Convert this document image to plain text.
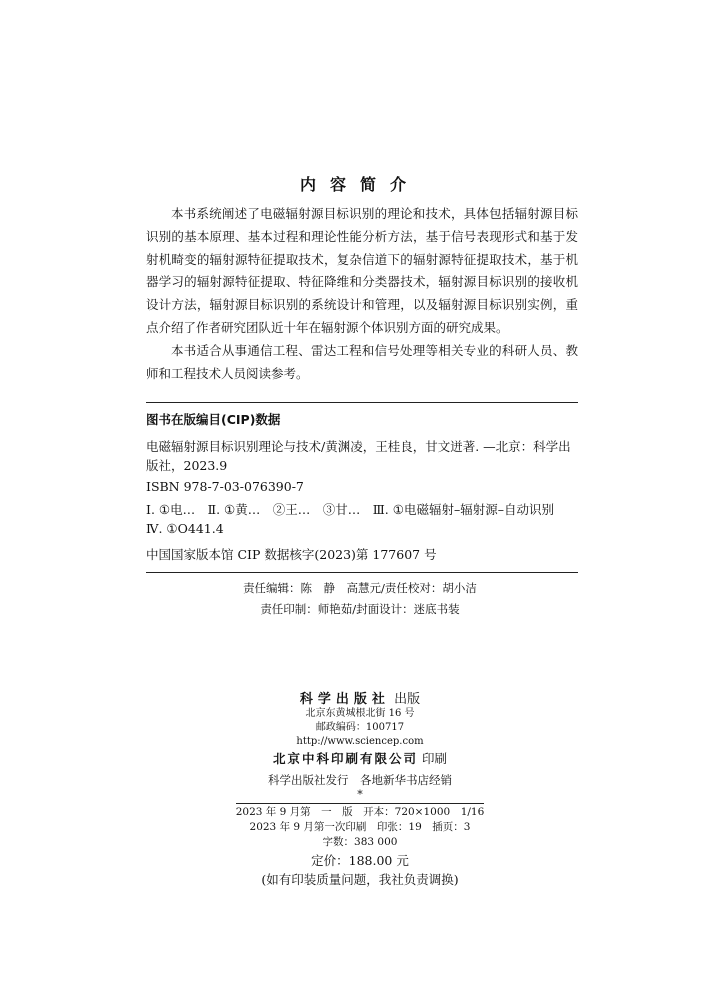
内容简介

本书系统阐述了电磁辐射源目标识别的理论和技术，具体包括辐射源目标识别的基本原理、基本过程和理论性能分析方法，基于信号表现形式和基于发射机畸变的辐射源特征提取技术，复杂信道下的辐射源特征提取技术，基于机器学习的辐射源特征提取、特征降维和分类器技术，辐射源目标识别的接收机设计方法，辐射源目标识别的系统设计和管理，以及辐射源目标识别实例，重点介绍了作者研究团队近十年在辐射源个体识别方面的研究成果。

本书适合从事通信工程、雷达工程和信号处理等相关专业的科研人员、教师和工程技术人员阅读参考。

图书在版编目(CIP)数据
电磁辐射源目标识别理论与技术/黄渊凌，王桂良，甘文迸著. —北京：科学出版社，2023.9
ISBN 978-7-03-076390-7
Ⅰ. ①电…　Ⅱ. ①黄…　②王…　③甘…　Ⅲ. ①电磁辐射–辐射源–自动识别　Ⅳ. ①O441.4
中国国家版本馆 CIP 数据核字(2023)第 177607 号
责任编辑：陈　静　高慧元/责任校对：胡小洁
责任印制：师艳茹/封面设计：迷底书装
科学出版社 出版
北京东黄城根北街 16 号
邮政编码：100717
http://www.sciencep.com
北京中科印刷有限公司 印刷
科学出版社发行　各地新华书店经销
*
2023 年 9 月第　一　版　开本：720×1000　1/16
2023 年 9 月第一次印刷　印张：19　插页：3
字数：383 000
定价：188.00 元
(如有印装质量问题，我社负责调换)
